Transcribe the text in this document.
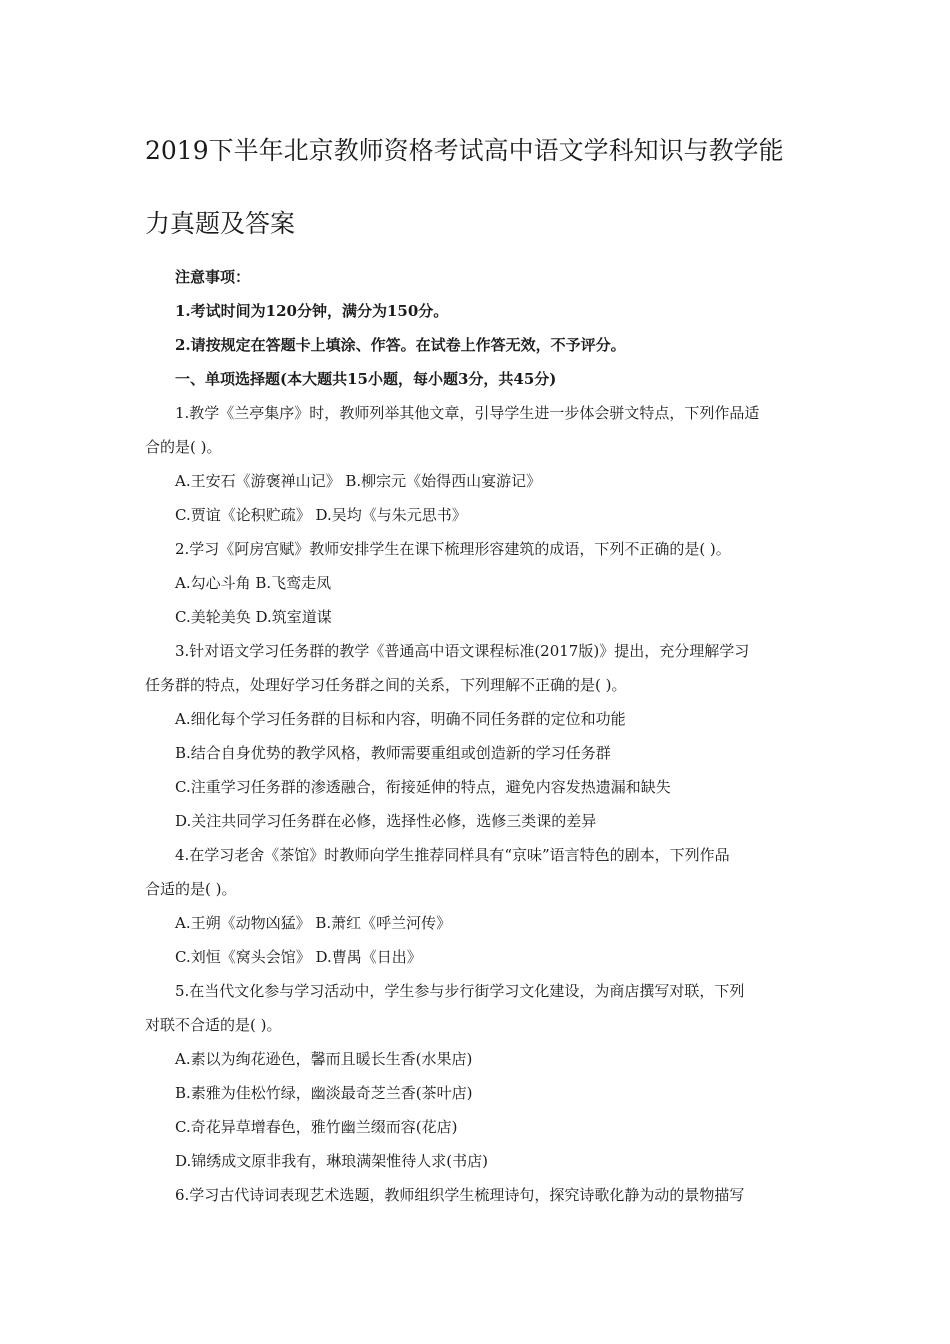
2019下半年北京教师资格考试高中语文学科知识与教学能
力真题及答案
注意事项：
1.考试时间为120分钟，满分为150分。
2.请按规定在答题卡上填涂、作答。在试卷上作答无效，不予评分。
一、单项选择题(本大题共15小题，每小题3分，共45分)
1.教学《兰亭集序》时，教师列举其他文章，引导学生进一步体会骈文特点，下列作品适
合的是( )。
A.王安石《游褒禅山记》 B.柳宗元《始得西山宴游记》
C.贾谊《论积贮疏》 D.吴均《与朱元思书》
2.学习《阿房宫赋》教师安排学生在课下梳理形容建筑的成语，下列不正确的是( )。
A.勾心斗角 B.飞鸾走凤
C.美轮美奂 D.筑室道谋
3.针对语文学习任务群的教学《普通高中语文课程标准(2017版)》提出，充分理解学习
任务群的特点，处理好学习任务群之间的关系，下列理解不正确的是( )。
A.细化每个学习任务群的目标和内容，明确不同任务群的定位和功能
B.结合自身优势的教学风格，教师需要重组或创造新的学习任务群
C.注重学习任务群的渗透融合，衔接延伸的特点，避免内容发热遗漏和缺失
D.关注共同学习任务群在必修，选择性必修，选修三类课的差异
4.在学习老舍《茶馆》时教师向学生推荐同样具有“京味”语言特色的剧本，下列作品
合适的是( )。
A.王朔《动物凶猛》 B.萧红《呼兰河传》
C.刘恒《窝头会馆》 D.曹禺《日出》
5.在当代文化参与学习活动中，学生参与步行街学习文化建设，为商店撰写对联，下列
对联不合适的是( )。
A.素以为绚花逊色，馨而且暖长生香(水果店)
B.素雅为佳松竹绿，幽淡最奇芝兰香(茶叶店)
C.奇花异草增春色，雅竹幽兰缀而容(花店)
D.锦绣成文原非我有，琳琅满架惟待人求(书店)
6.学习古代诗词表现艺术选题，教师组织学生梳理诗句，探究诗歌化静为动的景物描写
